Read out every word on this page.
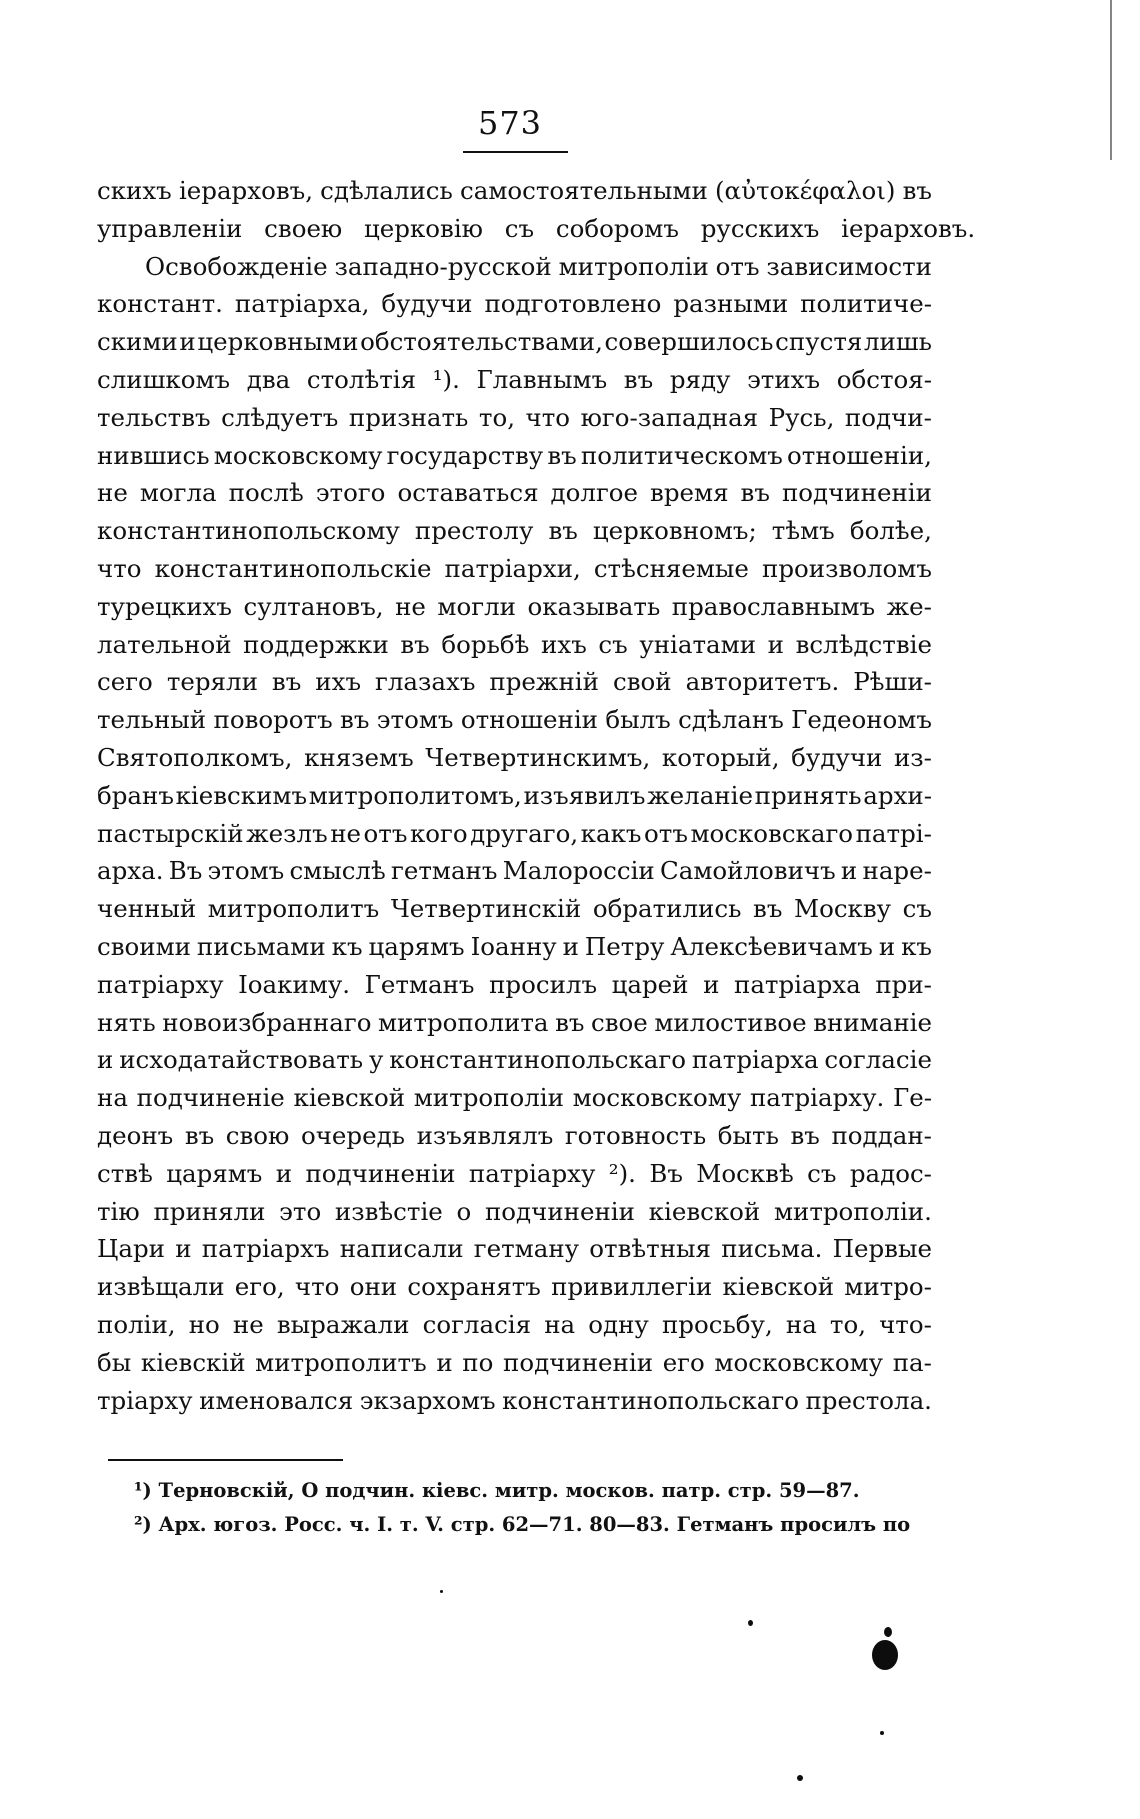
573
скихъ iерарховъ, сдѣлались самостоятельными (αὐτοκέφαλοι) въ
управленiи своею церковiю съ соборомъ русскихъ iерарховъ.
Освобожденiе западно-русской митрополiи отъ зависимости
констант. патрiарха, будучи подготовлено разными политиче-
скими и церковными обстоятельствами, совершилось спустя лишь
слишкомъ два столѣтiя ¹). Главнымъ въ ряду этихъ обстоя-
тельствъ слѣдуетъ признать то, что юго-западная Русь, подчи-
нившись московскому государству въ политическомъ отношенiи,
не могла послѣ этого оставаться долгое время въ подчиненiи
константинопольскому престолу въ церковномъ; тѣмъ болѣе,
что константинопольскiе патрiархи, стѣсняемые произволомъ
турецкихъ султановъ, не могли оказывать православнымъ же-
лательной поддержки въ борьбѣ ихъ съ унiатами и вслѣдствiе
сего теряли въ ихъ глазахъ прежнiй свой авторитетъ. Рѣши-
тельный поворотъ въ этомъ отношенiи былъ сдѣланъ Гедеономъ
Святополкомъ, княземъ Четвертинскимъ, который, будучи из-
бранъ кiевскимъ митрополитомъ, изъявилъ желанiе принять архи-
пастырскiй жезлъ не отъ кого другаго, какъ отъ московскаго патрi-
арха. Въ этомъ смыслѣ гетманъ Малороссiи Самойловичъ и наре-
ченный митрополитъ Четвертинскiй обратились въ Москву съ
своими письмами къ царямъ Iоанну и Петру Алексѣевичамъ и къ
патрiарху Iоакиму. Гетманъ просилъ царей и патрiарха при-
нять новоизбраннаго митрополита въ свое милостивое вниманiе
и исходатайствовать у константинопольскаго патрiарха согласiе
на подчиненiе кiевской митрополiи московскому патрiарху. Ге-
деонъ въ свою очередь изъявлялъ готовность быть въ поддан-
ствѣ царямъ и подчиненiи патрiарху ²). Въ Москвѣ съ радос-
тiю приняли это извѣстiе о подчиненiи кiевской митрополiи.
Цари и патрiархъ написали гетману отвѣтныя письма. Первые
извѣщали его, что они сохранятъ привиллегiи кiевской митро-
полiи, но не выражали согласiя на одну просьбу, на то, что-
бы кiевскiй митрополитъ и по подчиненiи его московскому па-
трiарху именовался экзархомъ константинопольскаго престола.
¹) Терновскiй, О подчин. кiевс. митр. москов. патр. стр. 59—87.
²) Арх. югоз. Росс. ч. I. т. V. стр. 62—71. 80—83. Гетманъ просилъ по
